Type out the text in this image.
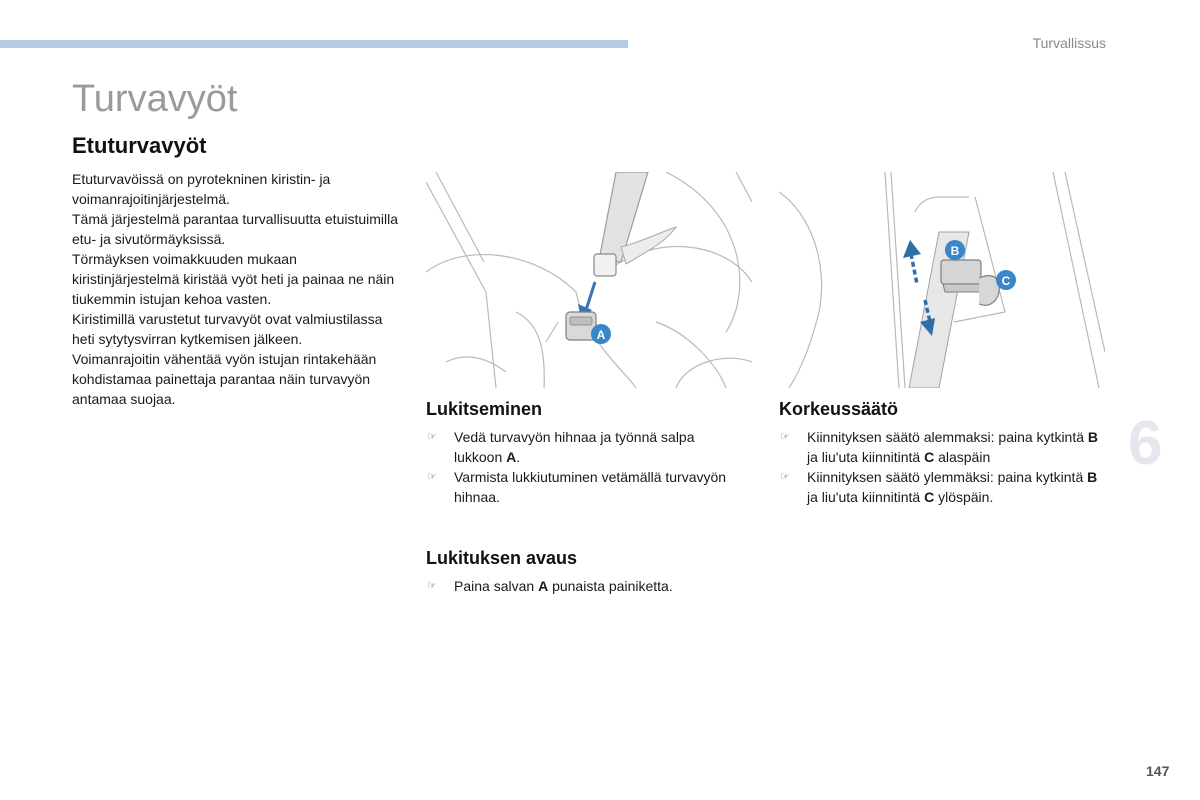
Turvallissus
Turvavyöt
Etuturvavyöt
Etuturvavöissä on pyrotekninen kiristin- ja voimanrajoitinjärjestelmä.
Tämä järjestelmä parantaa turvallisuutta etuistuimilla etu- ja sivutörmäyksissä.
Törmäyksen voimakkuuden mukaan kiristinjärjestelmä kiristää vyöt heti ja painaa ne näin tiukemmin istujan kehoa vasten.
Kiristimillä varustetut turvavyöt ovat valmiustilassa heti sytytysvirran kytkemisen jälkeen.
Voimanrajoitin vähentää vyön istujan rintakehään kohdistamaa painettaja parantaa näin turvavyön antamaa suojaa.
A
B
C
Lukitseminen
☞ Vedä turvavyön hihnaa ja työnnä salpa lukkoon A.
☞ Varmista lukkiutuminen vetämällä turvavyön hihnaa.
Korkeussäätö
☞ Kiinnityksen säätö alemmaksi: paina kytkintä B ja liu'uta kiinnitintä C alaspäin
☞ Kiinnityksen säätö ylemmäksi: paina kytkintä B ja liu'uta kiinnitintä C ylöspäin.
Lukituksen avaus
☞ Paina salvan A punaista painiketta.
6
147
